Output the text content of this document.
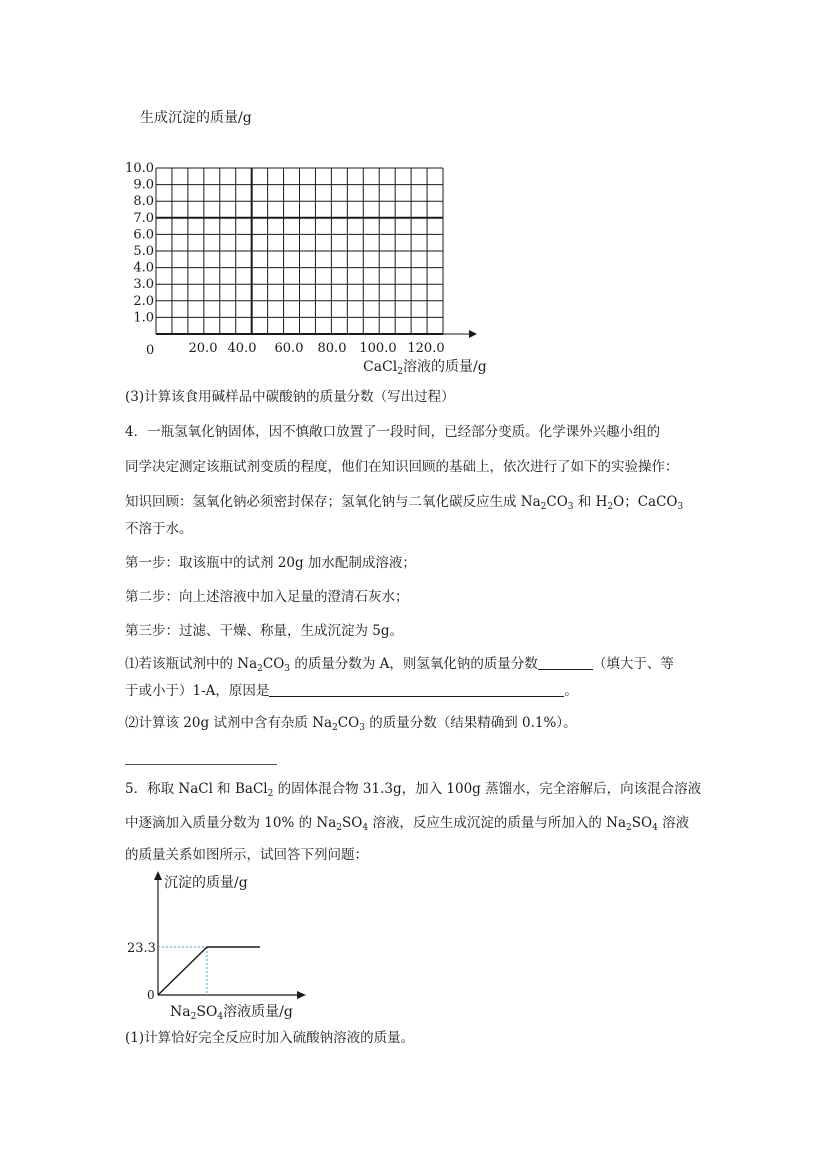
生成沉淀的质量/g
10.0
9.0
8.0
7.0
6.0
5.0
4.0
3.0
2.0
1.0
20.0 40.0 60.0 80.0 100.0 120.0
0
CaCl$_2$溶液的质量/g
(3)计算该食用碱样品中碳酸钠的质量分数（写出过程）
4．一瓶氢氧化钠固体，因不慎敞口放置了一段时间，已经部分变质。化学课外兴趣小组的
同学决定测定该瓶试剂变质的程度，他们在知识回顾的基础上，依次进行了如下的实验操作：
知识回顾：氢氧化钠必须密封保存；氢氧化钠与二氧化碳反应生成 $Na_2CO_3$ 和 $H_2O$；CaCO$_3$
不溶于水。
第一步：取该瓶中的试剂 20g 加水配制成溶液；
第二步：向上述溶液中加入足量的澄清石灰水；
第三步：过滤、干燥、称量，生成沉淀为 5g。
⑴若该瓶试剂中的 $Na_2CO_3$ 的质量分数为 A，则氢氧化钠的质量分数	（填大于、等
于或小于）1-A，原因是	。
⑵计算该 20g 试剂中含有杂质 $Na_2CO_3$ 的质量分数（结果精确到 0.1%）。
5．称取 NaCl 和 BaCl$_2$ 的固体混合物 31.3g，加入 100g 蒸馏水，完全溶解后，向该混合溶液
中逐滴加入质量分数为 10% 的 $Na_2SO_4$ 溶液，反应生成沉淀的质量与所加入的 $Na_2SO_4$ 溶液
的质量关系如图所示，试回答下列问题：
沉淀的质量/g
23.3
0
$Na_2SO_4$溶液质量/g
(1)计算恰好完全反应时加入硫酸钠溶液的质量。
